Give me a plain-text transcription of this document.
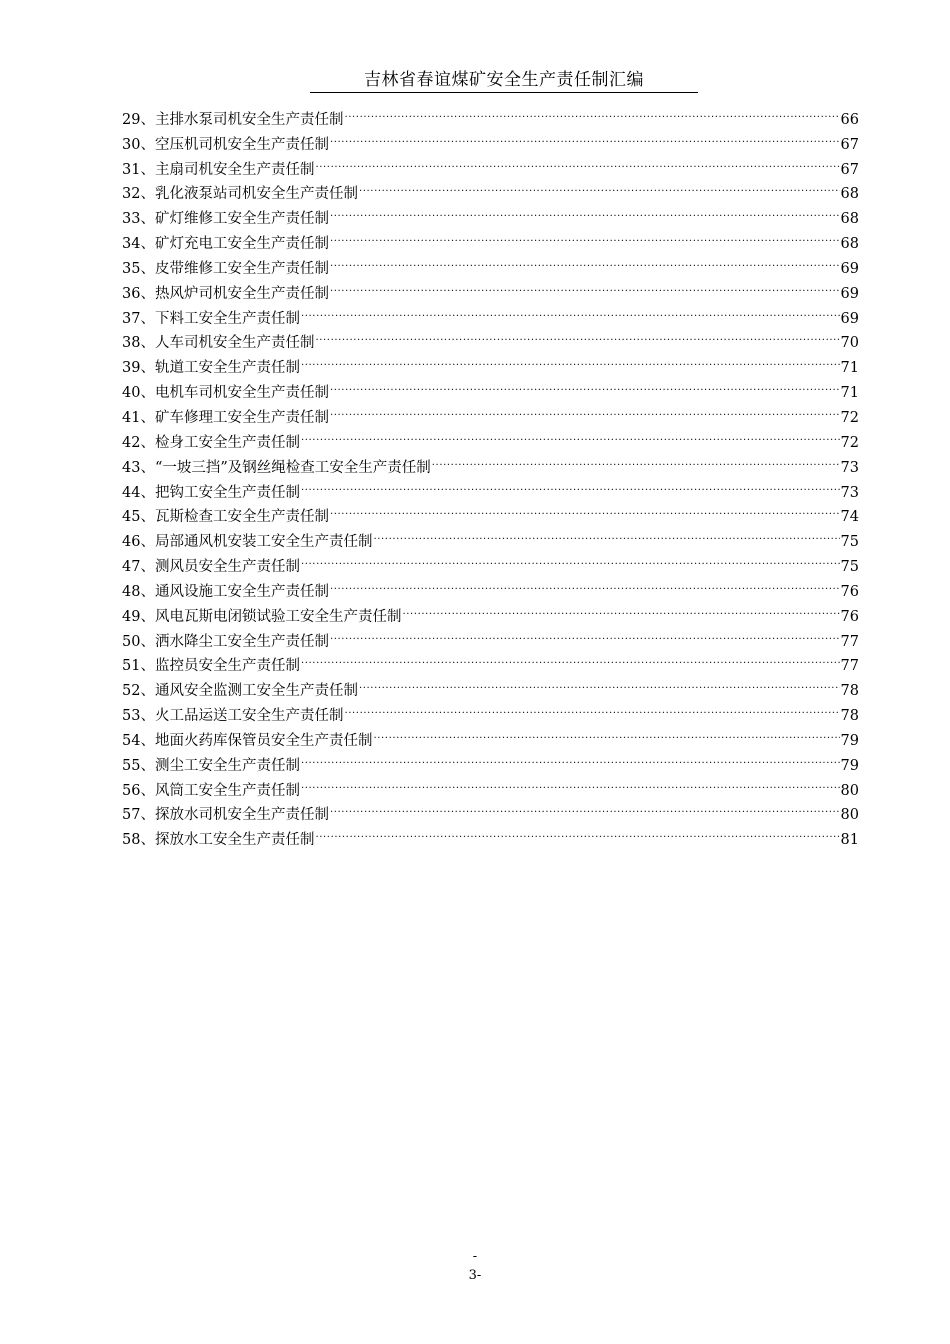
吉林省春谊煤矿安全生产责任制汇编
29、主排水泵司机安全生产责任制 .....	66
30、空压机司机安全生产责任制 .....	67
31、主扇司机安全生产责任制 .....	67
32、乳化液泵站司机安全生产责任制 .....	68
33、矿灯维修工安全生产责任制 .....	68
34、矿灯充电工安全生产责任制 .....	68
35、皮带维修工安全生产责任制 .....	69
36、热风炉司机安全生产责任制 .....	69
37、下料工安全生产责任制 .....	69
38、人车司机安全生产责任制 .....	70
39、轨道工安全生产责任制 .....	71
40、电机车司机安全生产责任制 .....	71
41、矿车修理工安全生产责任制 .....	72
42、检身工安全生产责任制 .....	72
43、“一坡三挡”及钢丝绳检查工安全生产责任制 .....	73
44、把钩工安全生产责任制 .....	73
45、瓦斯检查工安全生产责任制 .....	74
46、局部通风机安装工安全生产责任制 .....	75
47、测风员安全生产责任制 .....	75
48、通风设施工安全生产责任制 .....	76
49、风电瓦斯电闭锁试验工安全生产责任制 .....	76
50、洒水降尘工安全生产责任制 .....	77
51、监控员安全生产责任制 .....	77
52、通风安全监测工安全生产责任制 .....	78
53、火工品运送工安全生产责任制 .....	78
54、地面火药库保管员安全生产责任制 .....	79
55、测尘工安全生产责任制 .....	79
56、风筒工安全生产责任制 .....	80
57、探放水司机安全生产责任制 .....	80
58、探放水工安全生产责任制 .....	81
-
3-
